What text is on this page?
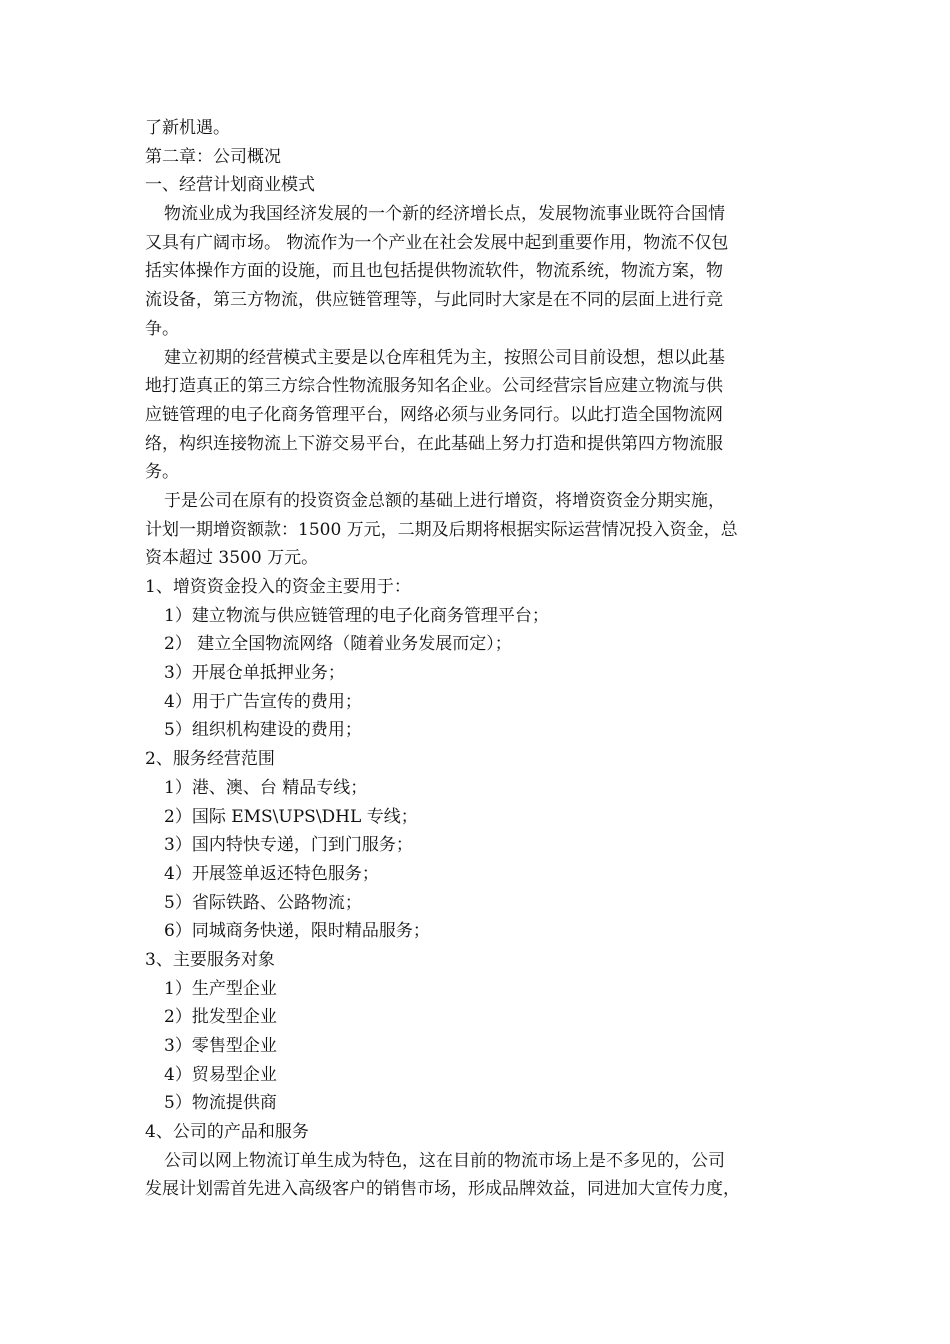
了新机遇。
第二章：公司概况
一、经营计划商业模式
物流业成为我国经济发展的一个新的经济增长点，发展物流事业既符合国情
又具有广阔市场。 物流作为一个产业在社会发展中起到重要作用，物流不仅包
括实体操作方面的设施，而且也包括提供物流软件，物流系统，物流方案，物
流设备，第三方物流，供应链管理等，与此同时大家是在不同的层面上进行竞
争。
建立初期的经营模式主要是以仓库租凭为主，按照公司目前设想，想以此基
地打造真正的第三方综合性物流服务知名企业。公司经营宗旨应建立物流与供
应链管理的电子化商务管理平台，网络必须与业务同行。以此打造全国物流网
络，构织连接物流上下游交易平台，在此基础上努力打造和提供第四方物流服
务。
于是公司在原有的投资资金总额的基础上进行增资，将增资资金分期实施，
计划一期增资额款：1500 万元，二期及后期将根据实际运营情况投入资金，总
资本超过 3500 万元。
1、增资资金投入的资金主要用于：
1）建立物流与供应链管理的电子化商务管理平台；
2） 建立全国物流网络（随着业务发展而定）；
3）开展仓单抵押业务；
4）用于广告宣传的费用；
5）组织机构建设的费用；
2、服务经营范围
1）港、澳、台 精品专线；
2）国际 EMS\UPS\DHL 专线；
3）国内特快专递，门到门服务；
4）开展签单返还特色服务；
5）省际铁路、公路物流；
6）同城商务快递，限时精品服务；
3、主要服务对象
1）生产型企业
2）批发型企业
3）零售型企业
4）贸易型企业
5）物流提供商
4、公司的产品和服务
公司以网上物流订单生成为特色，这在目前的物流市场上是不多见的，公司
发展计划需首先进入高级客户的销售市场，形成品牌效益，同进加大宣传力度，
